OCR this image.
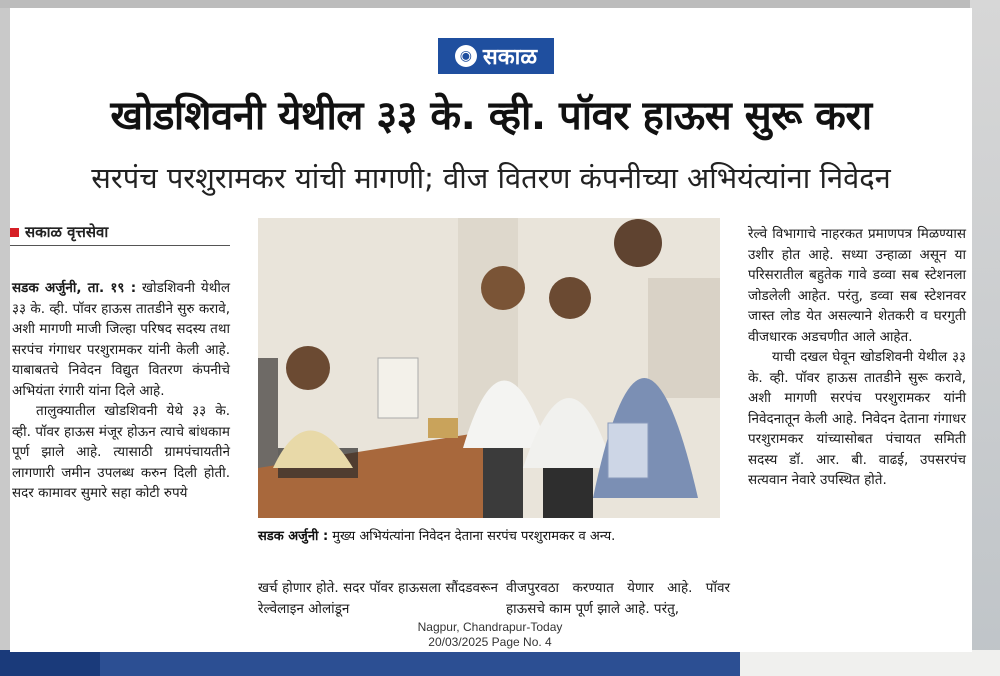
◉ सकाळ
खोडशिवनी येथील ३३ के. व्ही. पॉवर हाऊस सुरू करा
सरपंच परशुरामकर यांची मागणी; वीज वितरण कंपनीच्या अभियंत्यांना निवेदन
सकाळ वृत्तसेवा

सडक अर्जुनी, ता. १९ : खोडशिवनी येथील ३३ के. व्ही. पॉवर हाऊस तातडीने सुरु करावे, अशी मागणी माजी जिल्हा परिषद सदस्य तथा सरपंच गंगाधर परशुरामकर यांनी केली आहे. याबाबतचे निवेदन विद्युत वितरण कंपनीचे अभियंता रंगारी यांना दिले आहे.

तालुक्यातील खोडशिवनी येथे ३३ के. व्ही. पॉवर हाऊस मंजूर होऊन त्याचे बांधकाम पूर्ण झाले आहे. त्यासाठी ग्रामपंचायतीने लागणारी जमीन उपलब्ध करुन दिली होती. सदर कामावर सुमारे सहा कोटी रुपये

सडक अर्जुनी : मुख्य अभियंत्यांना निवेदन देताना सरपंच परशुरामकर व अन्य.
खर्च होणार होते. सदर पॉवर हाऊसला सौंदडवरून रेल्वेलाइन ओलांडून
वीजपुरवठा करण्यात येणार आहे. पॉवर हाऊसचे काम पूर्ण झाले आहे. परंतु,

रेल्वे विभागाचे नाहरकत प्रमाणपत्र मिळण्यास उशीर होत आहे. सध्या उन्हाळा असून या परिसरातील बहुतेक गावे डव्वा सब स्टेशनला जोडलेली आहेत. परंतु, डव्वा सब स्टेशनवर जास्त लोड येत असल्याने शेतकरी व घरगुती वीजधारक अडचणीत आले आहेत.

याची दखल घेवून खोडशिवनी येथील ३३ के. व्ही. पॉवर हाऊस तातडीने सुरू करावे, अशी मागणी सरपंच परशुरामकर यांनी निवेदनातून केली आहे. निवेदन देताना गंगाधर परशुरामकर यांच्यासोबत पंचायत समिती सदस्य डॉ. आर. बी. वाढई, उपसरपंच सत्यवान नेवारे उपस्थित होते.

Nagpur, Chandrapur-Today
20/03/2025 Page No. 4
